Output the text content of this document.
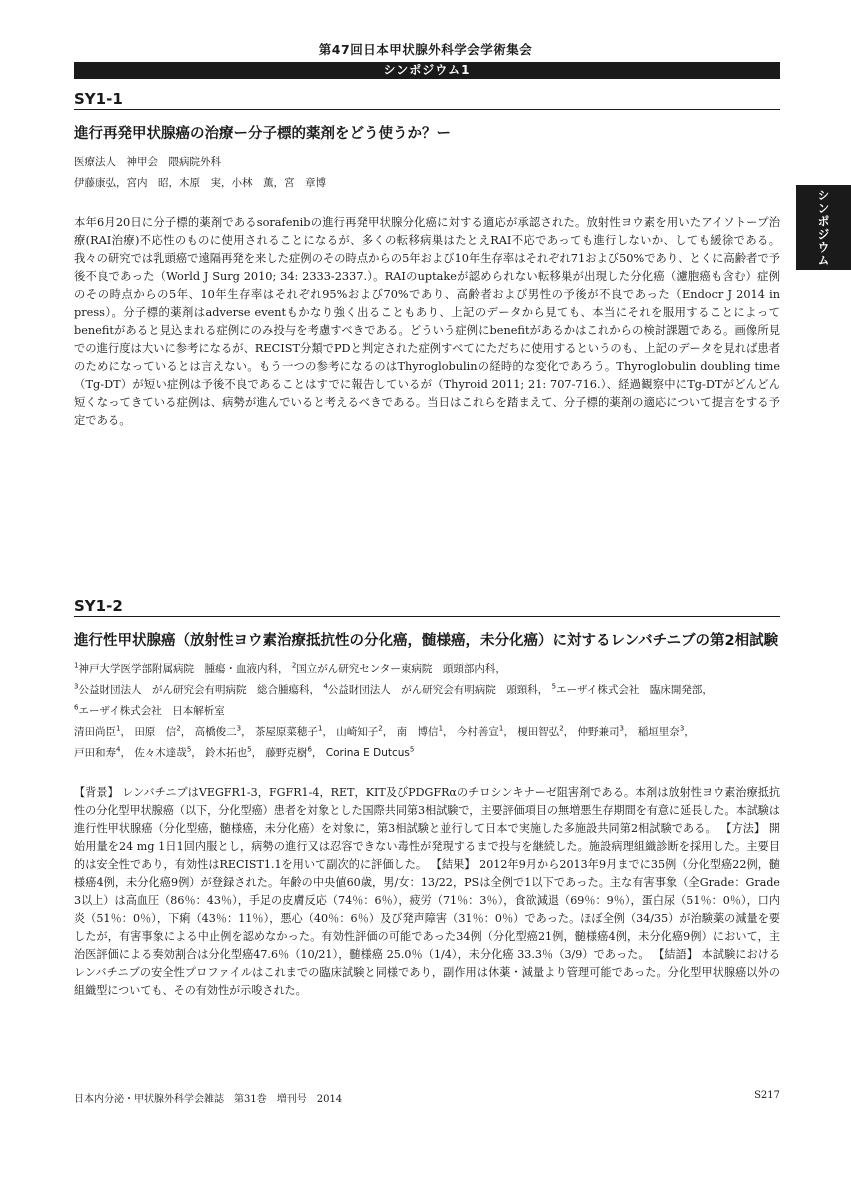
第47回日本甲状腺外科学会学術集会
シンポジウム1
シンポジウム
SY1-1
進行再発甲状腺癌の治療ー分子標的薬剤をどう使うか？ー
医療法人　神甲会　隈病院外科
伊藤康弘，宮内　昭，木原　実，小林　薫，宮　章博
本年6月20日に分子標的薬剤であるsorafenibの進行再発甲状腺分化癌に対する適応が承認された。放射性ヨウ素を用いたアイソトープ治療(RAI治療)不応性のものに使用されることになるが、多くの転移病巣はたとえRAI不応であっても進行しないか、しても緩徐である。我々の研究では乳頭癌で遠隔再発を来した症例のその時点からの5年および10年生存率はそれぞれ71および50%であり、とくに高齢者で予後不良であった（World J Surg 2010; 34: 2333-2337.）。RAIのuptakeが認められない転移巣が出現した分化癌（濾胞癌も含む）症例のその時点からの5年、10年生存率はそれぞれ95%および70%であり、高齢者および男性の予後が不良であった（Endocr J 2014 in press）。分子標的薬剤はadverse eventもかなり強く出ることもあり、上記のデータから見ても、本当にそれを服用することによってbenefitがあると見込まれる症例にのみ投与を考慮すべきである。どういう症例にbenefitがあるかはこれからの検討課題である。画像所見での進行度は大いに参考になるが、RECIST分類でPDと判定された症例すべてにただちに使用するというのも、上記のデータを見れば患者のためになっているとは言えない。もう一つの参考になるのはThyroglobulinの経時的な変化であろう。Thyroglobulin doubling time（Tg-DT）が短い症例は予後不良であることはすでに報告しているが（Thyroid 2011; 21: 707-716.）、経過観察中にTg-DTがどんどん短くなってきている症例は、病勢が進んでいると考えるべきである。当日はこれらを踏まえて、分子標的薬剤の適応について提言をする予定である。
SY1-2
進行性甲状腺癌（放射性ヨウ素治療抵抗性の分化癌，髄様癌，未分化癌）に対するレンバチニブの第2相試験
$^1$神戸大学医学部附属病院　腫瘍・血液内科， $^2$国立がん研究センター東病院　頭頸部内科，
$^3$公益財団法人　がん研究会有明病院　総合腫瘍科， $^4$公益財団法人　がん研究会有明病院　頭頸科， $^5$エーザイ株式会社　臨床開発部，
$^6$エーザイ株式会社　日本解析室
清田尚臣$^1$， 田原　信$^2$， 高橋俊二$^3$， 茶屋原菜穂子$^1$， 山崎知子$^2$， 南　博信$^1$， 今村善宣$^1$， 榎田智弘$^2$， 仲野兼司$^3$， 稲垣里奈$^3$，
戸田和寿$^4$， 佐々木達哉$^5$， 鈴木拓也$^5$， 藤野克樹$^6$， Corina E Dutcus$^5$
【背景】 レンバチニブはVEGFR1-3，FGFR1-4，RET，KIT及びPDGFRαのチロシンキナーゼ阻害剤である。本剤は放射性ヨウ素治療抵抗性の分化型甲状腺癌（以下，分化型癌）患者を対象とした国際共同第3相試験で，主要評価項目の無増悪生存期間を有意に延長した。本試験は進行性甲状腺癌（分化型癌，髄様癌，未分化癌）を対象に，第3相試験と並行して日本で実施した多施設共同第2相試験である。 【方法】 開始用量を24 mg 1日1回内服とし，病勢の進行又は忍容できない毒性が発現するまで投与を継続した。施設病理組織診断を採用した。主要目的は安全性であり，有効性はRECIST1.1を用いて副次的に評価した。 【結果】 2012年9月から2013年9月までに35例（分化型癌22例，髄様癌4例，未分化癌9例）が登録された。年齢の中央値60歳，男/女：13/22，PSは全例で1以下であった。主な有害事象（全Grade：Grade 3以上）は高血圧（86％：43％），手足の皮膚反応（74％：6％），疲労（71％：3％），食欲減退（69％：9％），蛋白尿（51％：0％），口内炎（51％：0％），下痢（43％：11％），悪心（40％：6％）及び発声障害（31％：0％）であった。ほぼ全例（34/35）が治験薬の減量を要したが，有害事象による中止例を認めなかった。有効性評価の可能であった34例（分化型癌21例，髄様癌4例，未分化癌9例）において，主治医評価による奏効割合は分化型癌47.6％（10/21），髄様癌 25.0％（1/4），未分化癌 33.3％（3/9）であった。 【結語】 本試験におけるレンバチニブの安全性プロファイルはこれまでの臨床試験と同様であり，副作用は休薬・減量より管理可能であった。分化型甲状腺癌以外の組織型についても、その有効性が示唆された。
日本内分泌・甲状腺外科学会雑誌　第31巻　増刊号　2014	S217
